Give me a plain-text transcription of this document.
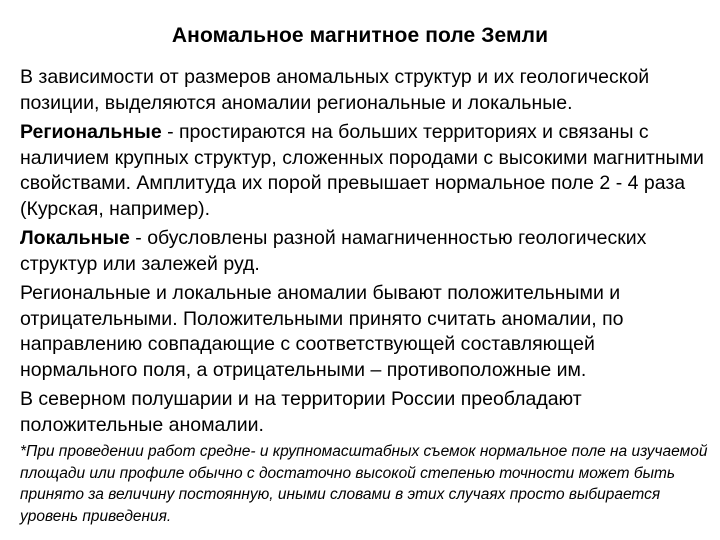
Аномальное магнитное поле Земли

В зависимости от размеров аномальных структур и их геологической позиции, выделяются аномалии региональные и локальные.

Региональные - простираются на больших территориях и связаны с наличием крупных структур, сложенных породами с высокими магнитными свойствами. Амплитуда их порой превышает нормальное поле 2 - 4 раза (Курская, например).

Локальные - обусловлены разной намагниченностью геологических структур или залежей руд.

Региональные и локальные аномалии бывают положительными и отрицательными. Положительными принято считать аномалии, по направлению совпадающие с соответствующей составляющей нормального поля, а отрицательными – противоположные им.

В северном полушарии и на территории России преобладают положительные аномалии.

*При проведении работ средне- и крупномасштабных съемок нормальное поле на изучаемой площади или профиле обычно с достаточно высокой степенью точности может быть принято за величину постоянную, иными словами в этих случаях просто выбирается уровень приведения.
